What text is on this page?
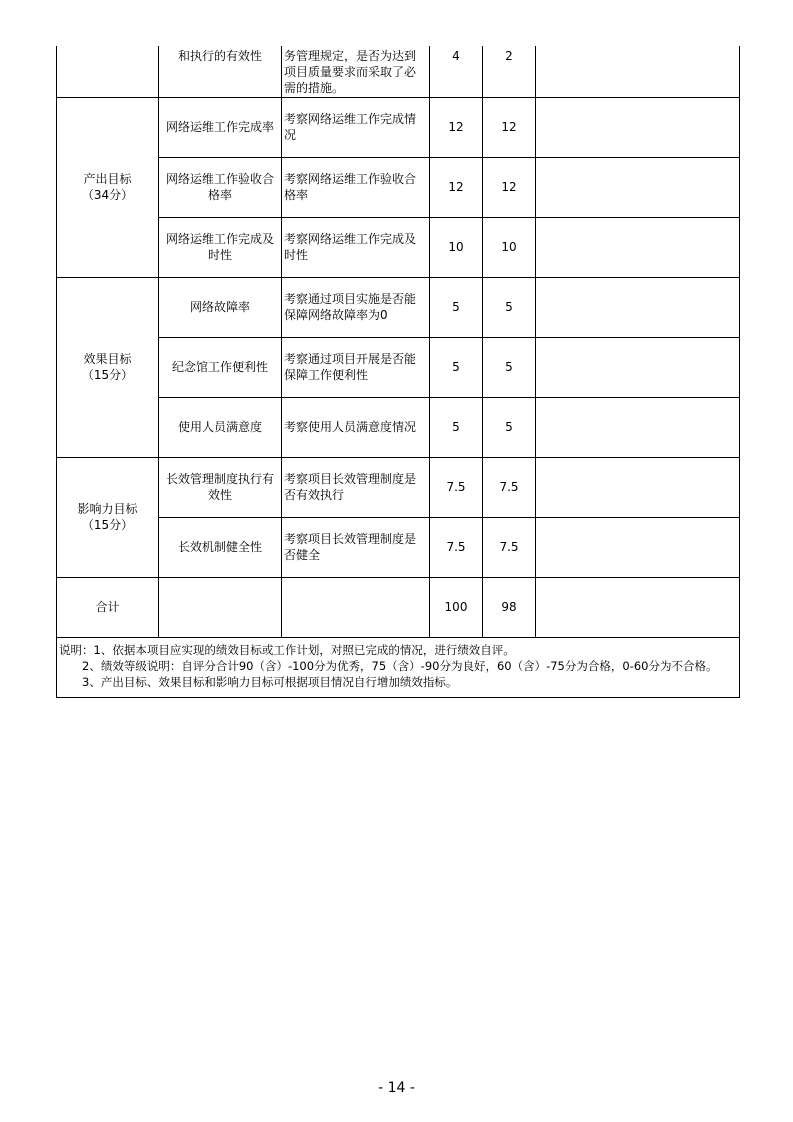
	和执行的有效性	务管理规定，是否为达到项目质量要求而采取了必需的措施。	4	2	

产出目标
（34分）	网络运维工作完成率	考察网络运维工作完成情况	12	12	
	网络运维工作验收合格率	考察网络运维工作验收合格率	12	12	
	网络运维工作完成及时性	考察网络运维工作完成及时性	10	10	

效果目标
（15分）	网络故障率	考察通过项目实施是否能保障网络故障率为0	5	5	
	纪念馆工作便利性	考察通过项目开展是否能保障工作便利性	5	5	
	使用人员满意度	考察使用人员满意度情况	5	5	

影响力目标
（15分）	长效管理制度执行有效性	考察项目长效管理制度是否有效执行	7.5	7.5	
	长效机制健全性	考察项目长效管理制度是否健全	7.5	7.5	
合计			100	98	

说明：1、依据本项目应实现的绩效目标或工作计划，对照已完成的情况，进行绩效自评。
　　2、绩效等级说明：自评分合计90（含）-100分为优秀，75（含）-90分为良好，60（含）-75分为合格，0-60分为不合格。
　　3、产出目标、效果目标和影响力目标可根据项目情况自行增加绩效指标。					
- 14 -
